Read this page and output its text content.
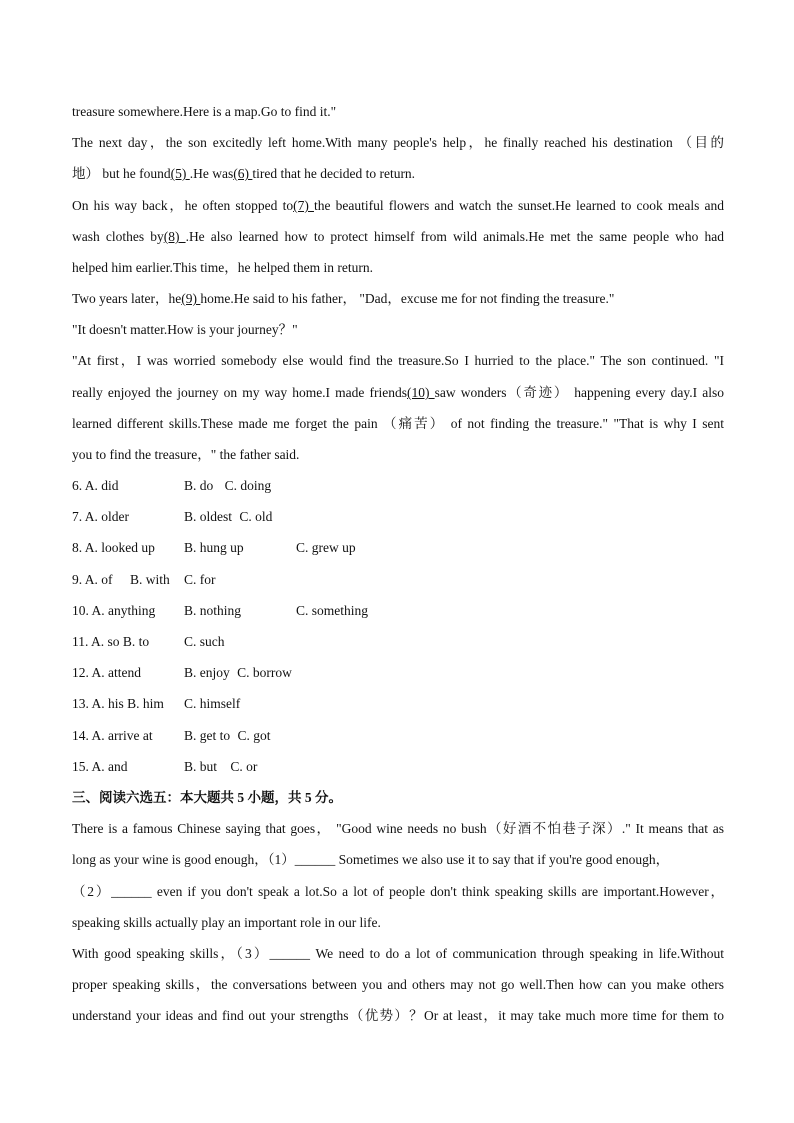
treasure somewhere.Here is a map.Go to find it."
The next day，the son excitedly left home.With many people's help，he finally reached his destination （目的
地） but he found(5) .He was(6) tired that he decided to return.
On his way back，he often stopped to(7) the beautiful flowers and watch the sunset.He learned to cook meals and
wash clothes by(8) .He also learned how to protect himself from wild animals.He met the same people who had
helped him earlier.This time，he helped them in return.
Two years later，he(9) home.He said to his father， "Dad，excuse me for not finding the treasure."
"It doesn't matter.How is your journey？"
"At first，I was worried somebody else would find the treasure.So I hurried to the place." The son continued. "I
really enjoyed the journey on my way home.I made friends(10) saw wonders（奇迹） happening every day.I also
learned different skills.These made me forget the pain （痛苦） of not finding the treasure." "That is why I sent
you to find the treasure，" the father said.
6. A. did	B. do C. doing
7. A. older	B. oldest C. old
8. A. looked up B. hung up	C. grew up
9. A. of B. with C. for
10. A. anything B. nothing	C. something
11. A. so B. to	C. such
12. A. attend	B. enjoy C. borrow
13. A. his B. him C. himself
14. A. arrive at B. get to C. got
15. A. and	B. but C. or
三、阅读六选五：本大题共 5 小题，共 5 分。
There is a famous Chinese saying that goes， "Good wine needs no bush（好酒不怕巷子深）." It means that as
long as your wine is good enough，（1）______ Sometimes we also use it to say that if you're good enough，
（2）______ even if you don't speak a lot.So a lot of people don't think speaking skills are important.However，
speaking skills actually play an important role in our life.
With good speaking skills，（3）______ We need to do a lot of communication through speaking in life.Without
proper speaking skills，the conversations between you and others may not go well.Then how can you make others
understand your ideas and find out your strengths（优势）？Or at least，it may take much more time for them to
